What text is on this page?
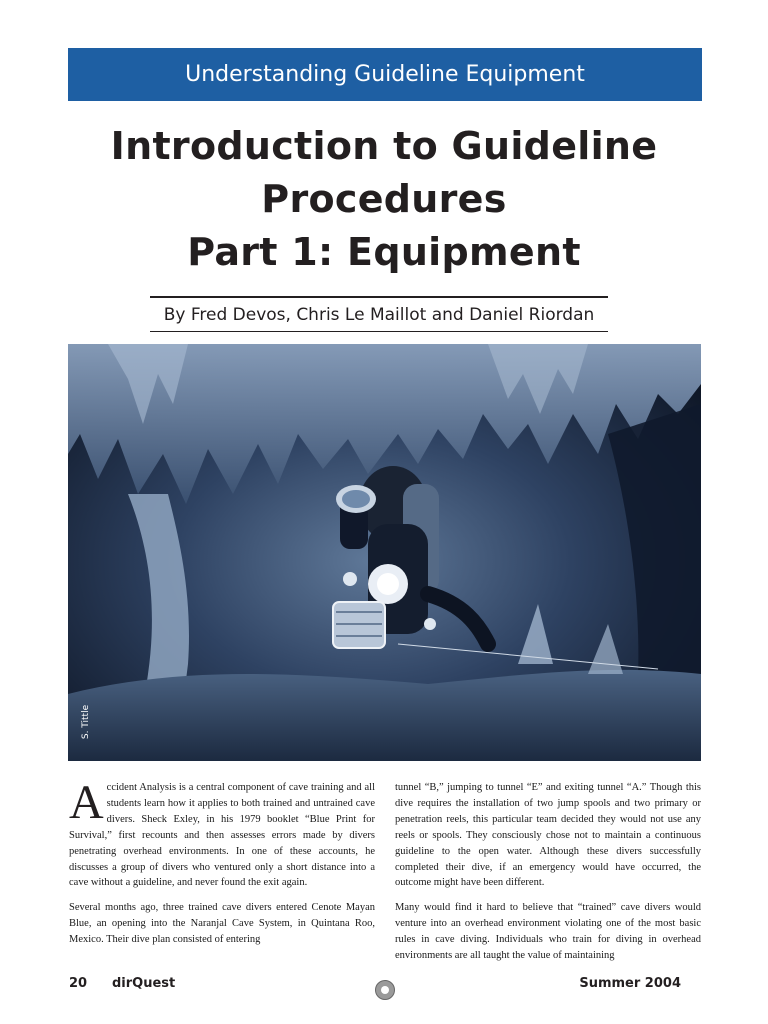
Understanding Guideline Equipment
Introduction to Guideline
Procedures
Part 1: Equipment
By Fred Devos, Chris Le Maillot and Daniel Riordan
S. Tittle

Accident Analysis is a central component of cave training and all students learn how it applies to both trained and untrained cave divers. Sheck Exley, in his 1979 booklet “Blue Print for Survival,” first recounts and then assesses errors made by divers penetrating overhead environments. In one of these accounts, he discusses a group of divers who ventured only a short distance into a cave without a guideline, and never found the exit again.

Several months ago, three trained cave divers entered Cenote Mayan Blue, an opening into the Naranjal Cave System, in Quintana Roo, Mexico. Their dive plan consisted of entering

tunnel “B,” jumping to tunnel “E” and exiting tunnel “A.” Though this dive requires the installation of two jump spools and two primary or penetration reels, this particular team decided they would not use any reels or spools. They consciously chose not to maintain a continuous guideline to the open water. Although these divers successfully completed their dive, if an emergency would have occurred, the outcome might have been different.

Many would find it hard to believe that “trained” cave divers would venture into an overhead environment violating one of the most basic rules in cave diving. Individuals who train for diving in overhead environments are all taught the value of maintaining

20 dirQuest	Summer 2004
